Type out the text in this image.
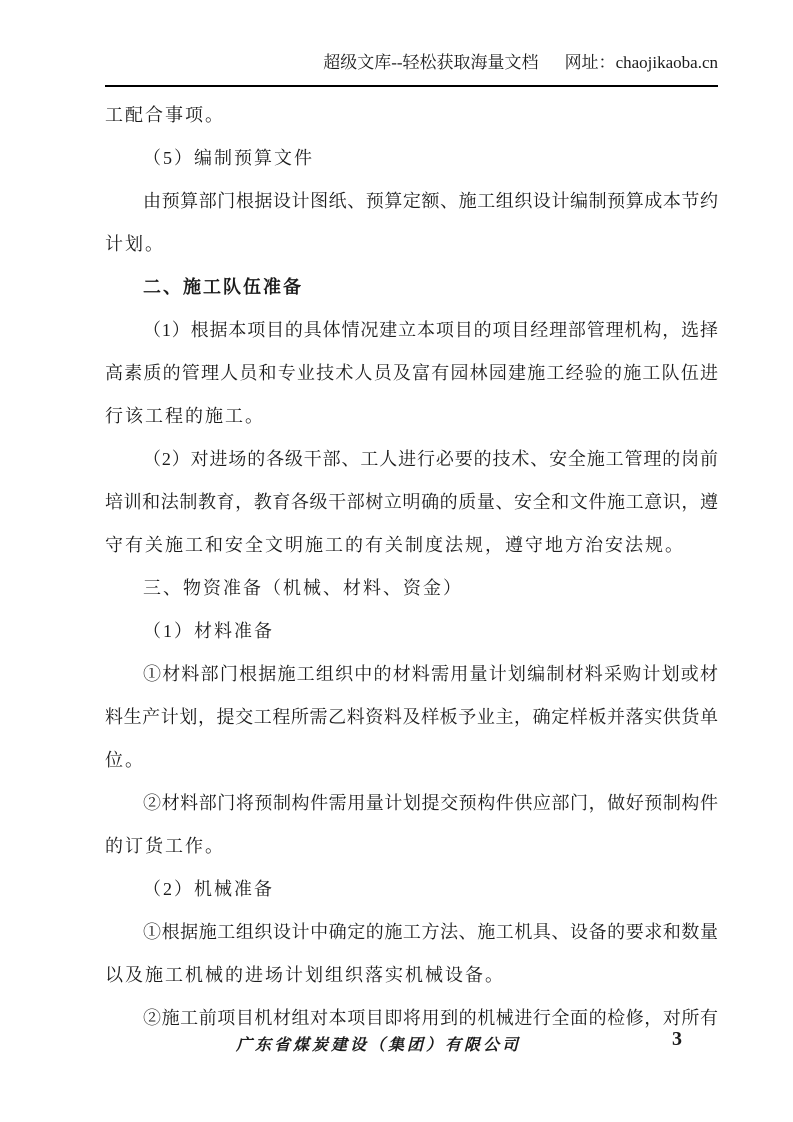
超级文库--轻松获取海量文档 网址：chaojikaoba.cn
工配合事项。
（5）编制预算文件
由预算部门根据设计图纸、预算定额、施工组织设计编制预算成本节约
计划。
二、施工队伍准备
（1）根据本项目的具体情况建立本项目的项目经理部管理机构，选择
高素质的管理人员和专业技术人员及富有园林园建施工经验的施工队伍进
行该工程的施工。
（2）对进场的各级干部、工人进行必要的技术、安全施工管理的岗前
培训和法制教育，教育各级干部树立明确的质量、安全和文件施工意识，遵
守有关施工和安全文明施工的有关制度法规，遵守地方治安法规。
三、物资准备（机械、材料、资金）
（1）材料准备
①材料部门根据施工组织中的材料需用量计划编制材料采购计划或材
料生产计划，提交工程所需乙料资料及样板予业主，确定样板并落实供货单
位。
②材料部门将预制构件需用量计划提交预构件供应部门，做好预制构件
的订货工作。
（2）机械准备
①根据施工组织设计中确定的施工方法、施工机具、设备的要求和数量
以及施工机械的进场计划组织落实机械设备。
②施工前项目机材组对本项目即将用到的机械进行全面的检修，对所有
广东省煤炭建设（集团）有限公司	3
